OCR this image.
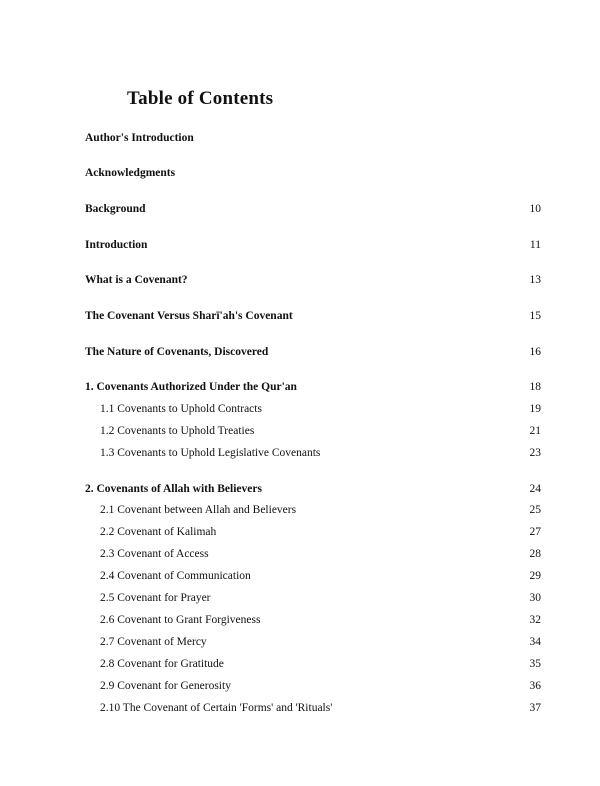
Table of Contents
Author's Introduction
Acknowledgments
Background	10
Introduction	11
What is a Covenant?	13
The Covenant Versus Sharī'ah's Covenant	15
The Nature of Covenants, Discovered	16
1. Covenants Authorized Under the Qur'an	18
1.1 Covenants to Uphold Contracts	19
1.2 Covenants to Uphold Treaties	21
1.3 Covenants to Uphold Legislative Covenants	23
2. Covenants of Allah with Believers	24
2.1 Covenant between Allah and Believers	25
2.2 Covenant of Kalimah	27
2.3 Covenant of Access	28
2.4 Covenant of Communication	29
2.5 Covenant for Prayer	30
2.6 Covenant to Grant Forgiveness	32
2.7 Covenant of Mercy	34
2.8 Covenant for Gratitude	35
2.9 Covenant for Generosity	36
2.10 The Covenant of Certain 'Forms' and 'Rituals'	37
